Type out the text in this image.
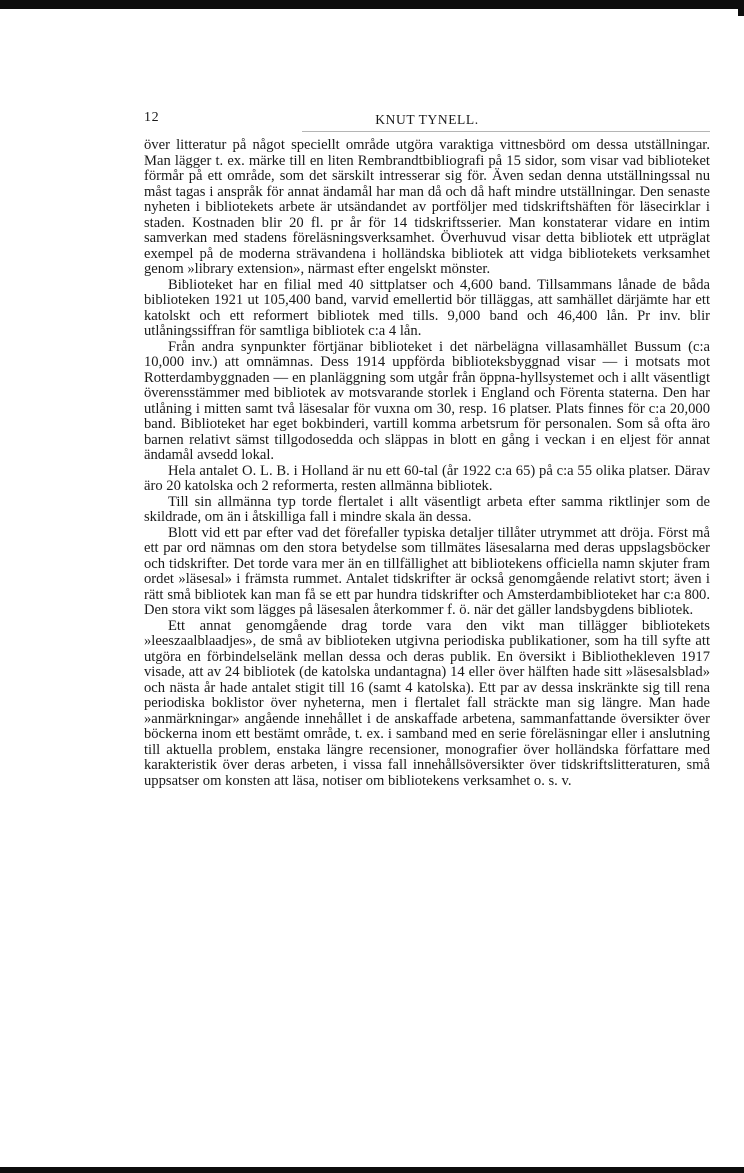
12	KNUT TYNELL.

över litteratur på något speciellt område utgöra varaktiga vittnesbörd om dessa utställningar. Man lägger t. ex. märke till en liten Rembrandtbibliografi på 15 sidor, som visar vad biblioteket förmår på ett område, som det särskilt intresserar sig för. Även sedan denna utställningssal nu måst tagas i anspråk för annat ändamål har man då och då haft mindre utställningar. Den senaste nyheten i bibliotekets arbete är utsändandet av portföljer med tidskriftshäften för läsecirklar i staden. Kostnaden blir 20 fl. pr år för 14 tidskriftsserier. Man konstaterar vidare en intim samverkan med stadens föreläsningsverksamhet. Överhuvud visar detta bibliotek ett utpräglat exempel på de moderna strävandena i holländska bibliotek att vidga bibliotekets verksamhet genom »library extension», närmast efter engelskt mönster.

Biblioteket har en filial med 40 sittplatser och 4,600 band. Tillsammans lånade de båda biblioteken 1921 ut 105,400 band, varvid emellertid bör tilläggas, att samhället därjämte har ett katolskt och ett reformert bibliotek med tills. 9,000 band och 46,400 lån. Pr inv. blir utlåningssiffran för samtliga bibliotek c:a 4 lån.

Från andra synpunkter förtjänar biblioteket i det närbelägna villasamhället Bussum (c:a 10,000 inv.) att omnämnas. Dess 1914 uppförda biblioteksbyggnad visar — i motsats mot Rotterdambyggnaden — en planläggning som utgår från öppna-hyllsystemet och i allt väsentligt överensstämmer med bibliotek av motsvarande storlek i England och Förenta staterna. Den har utlåning i mitten samt två läsesalar för vuxna om 30, resp. 16 platser. Plats finnes för c:a 20,000 band. Biblioteket har eget bokbinderi, vartill komma arbetsrum för personalen. Som så ofta äro barnen relativt sämst tillgodosedda och släppas in blott en gång i veckan i en eljest för annat ändamål avsedd lokal.

Hela antalet O. L. B. i Holland är nu ett 60-tal (år 1922 c:a 65) på c:a 55 olika platser. Därav äro 20 katolska och 2 reformerta, resten allmänna bibliotek.

Till sin allmänna typ torde flertalet i allt väsentligt arbeta efter samma riktlinjer som de skildrade, om än i åtskilliga fall i mindre skala än dessa.

Blott vid ett par efter vad det förefaller typiska detaljer tillåter utrymmet att dröja. Först må ett par ord nämnas om den stora betydelse som tillmätes läsesalarna med deras uppslagsböcker och tidskrifter. Det torde vara mer än en tillfällighet att bibliotekens officiella namn skjuter fram ordet »läsesal» i främsta rummet. Antalet tidskrifter är också genomgående relativt stort; även i rätt små bibliotek kan man få se ett par hundra tidskrifter och Amsterdambiblioteket har c:a 800. Den stora vikt som lägges på läsesalen återkommer f. ö. när det gäller landsbygdens bibliotek.

Ett annat genomgående drag torde vara den vikt man tillägger bibliotekets »leeszaalblaadjes», de små av biblioteken utgivna periodiska publikationer, som ha till syfte att utgöra en förbindelselänk mellan dessa och deras publik. En översikt i Bibliothekleven 1917 visade, att av 24 bibliotek (de katolska undantagna) 14 eller över hälften hade sitt »läsesalsblad» och nästa år hade antalet stigit till 16 (samt 4 katolska). Ett par av dessa inskränkte sig till rena periodiska boklistor över nyheterna, men i flertalet fall sträckte man sig längre. Man hade »anmärkningar» angående innehållet i de anskaffade arbetena, sammanfattande översikter över böckerna inom ett bestämt område, t. ex. i samband med en serie föreläsningar eller i anslutning till aktuella problem, enstaka längre recensioner, monografier över holländska författare med karakteristik över deras arbeten, i vissa fall innehållsöversikter över tidskriftslitteraturen, små uppsatser om konsten att läsa, notiser om bibliotekens verksamhet o. s. v.
